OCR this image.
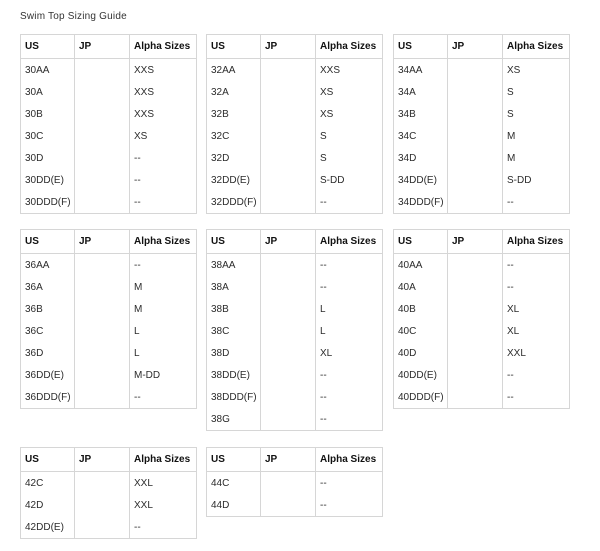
Swim Top Sizing Guide
US	JP	Alpha Sizes
30AA		XXS
30A		XXS
30B		XXS
30C		XS
30D		--
30DD(E)		--
30DDD(F)		--
US	JP	Alpha Sizes
32AA		XXS
32A		XS
32B		XS
32C		S
32D		S
32DD(E)		S-DD
32DDD(F)		--
US	JP	Alpha Sizes
34AA		XS
34A		S
34B		S
34C		M
34D		M
34DD(E)		S-DD
34DDD(F)		--
US	JP	Alpha Sizes
36AA		--
36A		M
36B		M
36C		L
36D		L
36DD(E)		M-DD
36DDD(F)		--
US	JP	Alpha Sizes
38AA		--
38A		--
38B		L
38C		L
38D		XL
38DD(E)		--
38DDD(F)		--
38G		--
US	JP	Alpha Sizes
40AA		--
40A		--
40B		XL
40C		XL
40D		XXL
40DD(E)		--
40DDD(F)		--
US	JP	Alpha Sizes
42C		XXL
42D		XXL
42DD(E)		--
US	JP	Alpha Sizes
44C		--
44D		--
